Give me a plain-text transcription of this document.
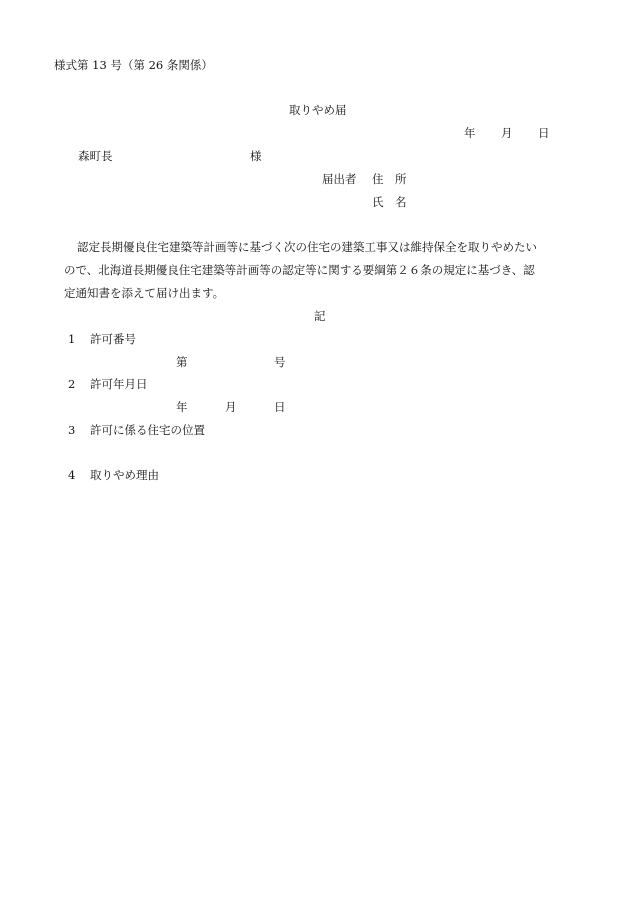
様式第 13 号（第 26 条関係）
取りやめ届
年 月 日
森町長	様
届出者 住　所
氏　名
認定長期優良住宅建築等計画等に基づく次の住宅の建築工事又は維持保全を取りやめたい
ので、北海道長期優良住宅建築等計画等の認定等に関する要綱第２６条の規定に基づき、認
定通知書を添えて届け出ます。
記
1 許可番号
第	号
2 許可年月日
年	月	日
3 許可に係る住宅の位置
4 取りやめ理由
